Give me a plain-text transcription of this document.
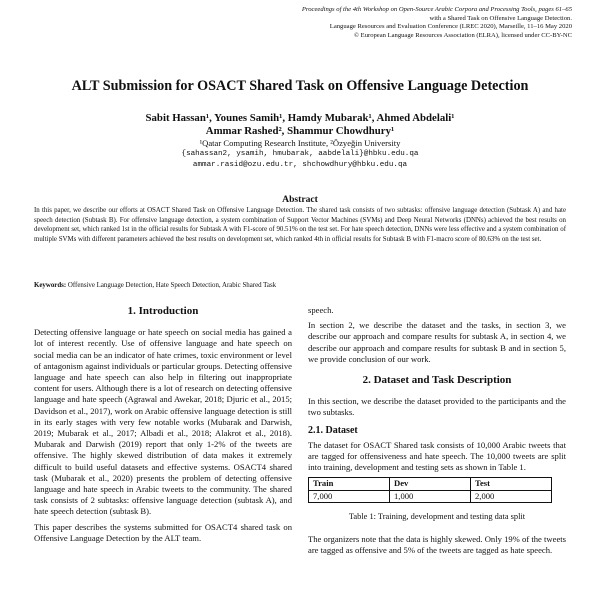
Proceedings of the 4th Workshop on Open-Source Arabic Corpora and Processing Tools, pages 61–65
with a Shared Task on Offensive Language Detection.
Language Resources and Evaluation Conference (LREC 2020), Marseille, 11–16 May 2020
© European Language Resources Association (ELRA), licensed under CC-BY-NC
ALT Submission for OSACT Shared Task on Offensive Language Detection
Sabit Hassan¹, Younes Samih¹, Hamdy Mubarak¹, Ahmed Abdelali¹
Ammar Rashed², Shammur Chowdhury¹
¹Qatar Computing Research Institute, ²Özyeğin University
{sahassan2, ysamih, hmubarak, aabdelali}@hbku.edu.qa
ammar.rasid@ozu.edu.tr, shchowdhury@hbku.edu.qa
Abstract
In this paper, we describe our efforts at OSACT Shared Task on Offensive Language Detection. The shared task consists of two subtasks: offensive language detection (Subtask A) and hate speech detection (Subtask B). For offensive language detection, a system combination of Support Vector Machines (SVMs) and Deep Neural Networks (DNNs) achieved the best results on development set, which ranked 1st in the official results for Subtask A with F1-score of 90.51% on the test set. For hate speech detection, DNNs were less effective and a system combination of multiple SVMs with different parameters achieved the best results on development set, which ranked 4th in official results for Subtask B with F1-macro score of 80.63% on the test set.
Keywords: Offensive Language Detection, Hate Speech Detection, Arabic Shared Task
1. Introduction

Detecting offensive language or hate speech on social media has gained a lot of interest recently. Use of offensive language and hate speech on social media can be an indicator of hate crimes, toxic environment or level of antagonism against individuals or particular groups. Detecting offensive language and hate speech can also help in filtering out inappropriate content for users. Although there is a lot of research on detecting offensive language and hate speech (Agrawal and Awekar, 2018; Djuric et al., 2015; Davidson et al., 2017), work on Arabic offensive language detection is still in its early stages with very few notable works (Mubarak and Darwish, 2019; Mubarak et al., 2017; Albadi et al., 2018; Alakrot et al., 2018). Mubarak and Darwish (2019) report that only 1-2% of the tweets are offensive. The highly skewed distribution of data makes it extremely difficult to build useful datasets and effective systems. OSACT4 shared task (Mubarak et al., 2020) presents the problem of detecting offensive language and hate speech in Arabic tweets to the community. The shared task consists of 2 subtasks: offensive language detection (subtask A), and hate speech detection (subtask B).

This paper describes the systems submitted for OSACT4 shared task on Offensive Language Detection by the ALT team.

speech.

In section 2, we describe the dataset and the tasks, in section 3, we describe our approach and compare results for subtask A, in section 4, we describe our approach and compare results for subtask B and in section 5, we provide conclusion of our work.

2. Dataset and Task Description

In this section, we describe the dataset provided to the participants and the two subtasks.

2.1. Dataset

The dataset for OSACT Shared task consists of 10,000 Arabic tweets that are tagged for offensiveness and hate speech. The 10,000 tweets are split into training, development and testing sets as shown in Table 1.

Train	Dev	Test
7,000	1,000	2,000
Table 1: Training, development and testing data split

The organizers note that the data is highly skewed. Only 19% of the tweets are tagged as offensive and 5% of the tweets are tagged as hate speech.
